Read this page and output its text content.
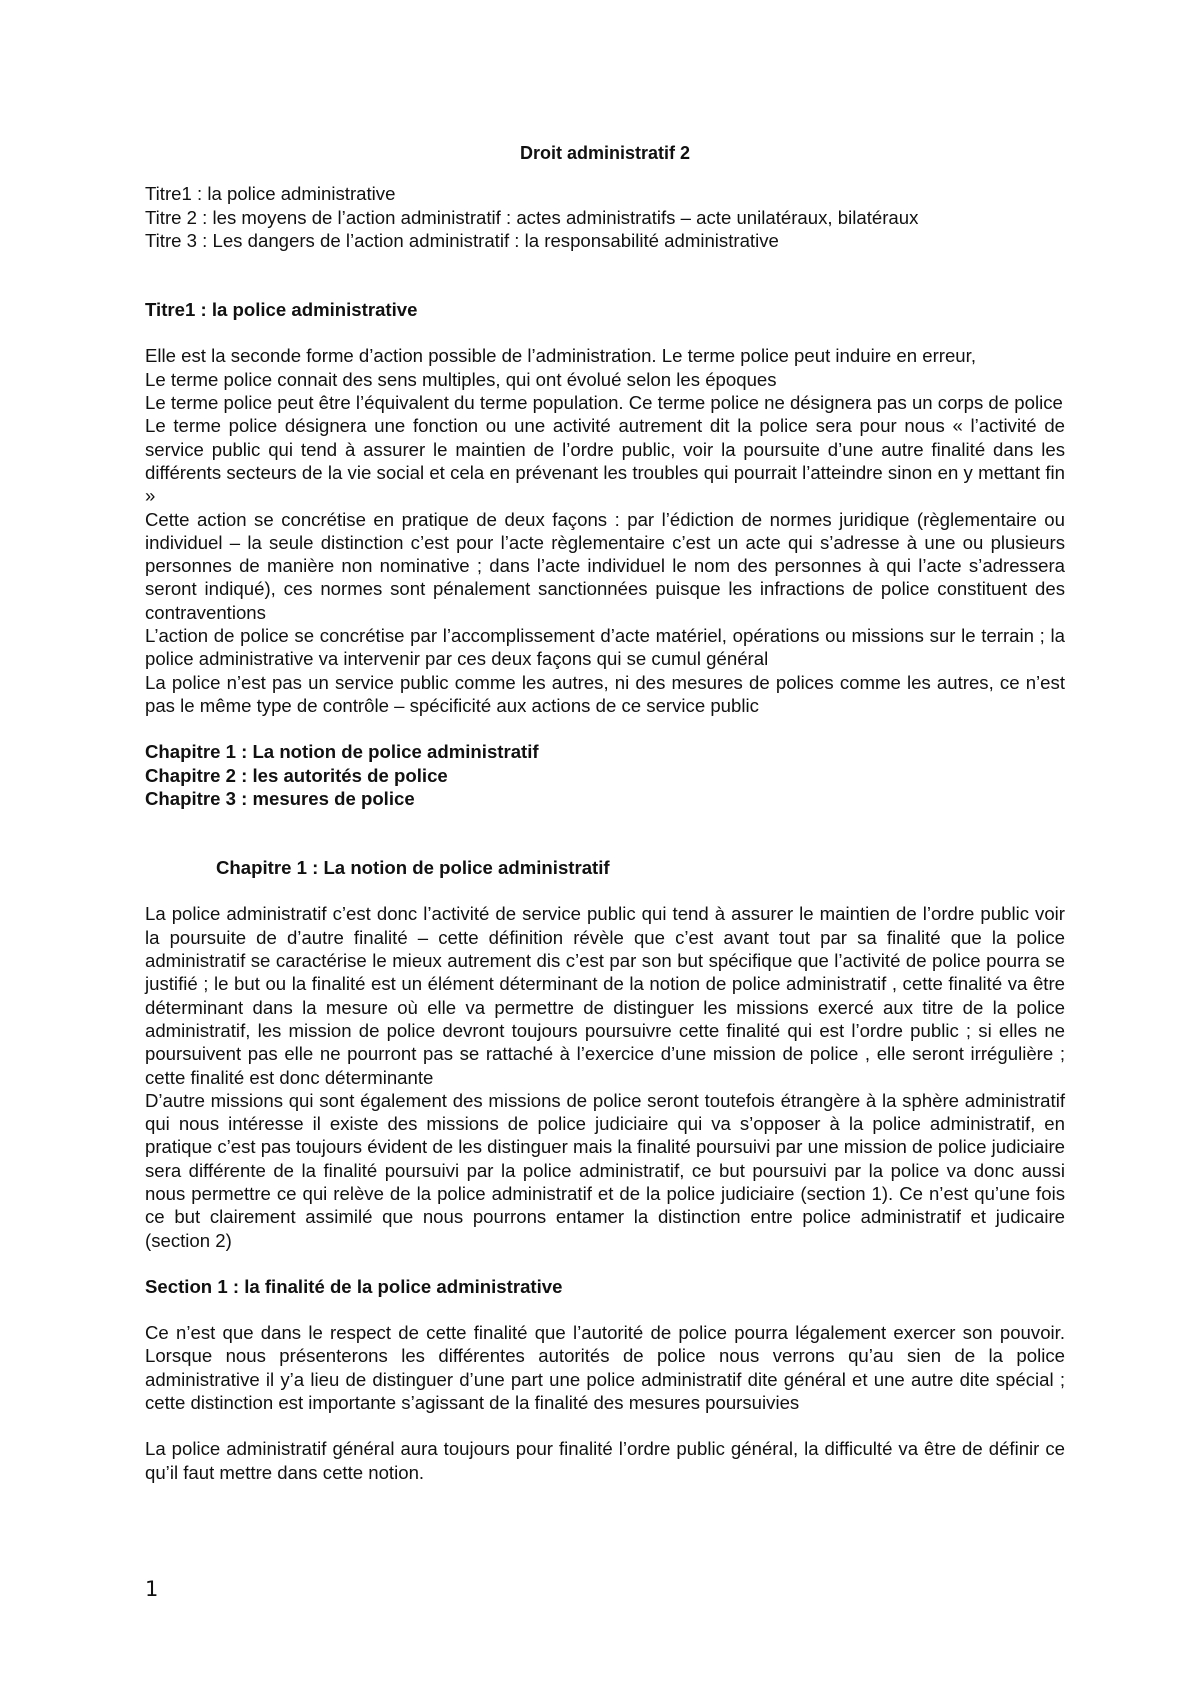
Droit administratif 2

Titre1 : la police administrative

Titre 2 : les moyens de l’action administratif : actes administratifs – acte unilatéraux, bilatéraux

Titre 3 : Les dangers de l’action administratif : la responsabilité administrative

Titre1 : la police administrative

Elle est la seconde forme d’action possible de l’administration. Le terme police peut induire en erreur,

Le terme police connait des sens multiples, qui ont évolué selon les époques

Le terme police peut être l’équivalent du terme population. Ce terme police ne désignera pas un corps de police

Le terme police désignera une fonction ou une activité autrement dit la police sera pour nous « l’activité de service public qui tend à assurer le maintien de l’ordre public, voir la poursuite d’une autre finalité dans les différents secteurs de la vie social et cela en prévenant les troubles qui pourrait l’atteindre sinon en y mettant fin »

Cette action se concrétise en pratique de deux façons : par l’édiction de normes juridique (règlementaire ou individuel – la seule distinction c’est pour l’acte règlementaire c’est un acte qui s’adresse à une ou plusieurs personnes de manière non nominative ; dans l’acte individuel le nom des personnes à qui l’acte s’adressera seront indiqué), ces normes sont pénalement sanctionnées puisque les infractions de police constituent des contraventions

L’action de police se concrétise par l’accomplissement d’acte matériel, opérations ou missions sur le terrain ; la police administrative va intervenir par ces deux façons qui se cumul général

La police n’est pas un service public comme les autres, ni des mesures de polices comme les autres, ce n’est pas le même type de contrôle – spécificité aux actions de ce service public

Chapitre 1 : La notion de police administratif

Chapitre 2 : les autorités de police

Chapitre 3 : mesures de police

Chapitre 1 : La notion de police administratif

La police administratif c’est donc l’activité de service public qui tend à assurer le maintien de l’ordre public voir la poursuite de d’autre finalité – cette définition révèle que c’est avant tout par sa finalité que la police administratif se caractérise le mieux autrement dis c’est par son but spécifique que l’activité de police pourra se justifié ; le but ou la finalité est un élément déterminant de la notion de police administratif , cette finalité va être déterminant dans la mesure où elle va permettre de distinguer les missions exercé aux titre de la police administratif, les mission de police devront toujours poursuivre cette finalité qui est l’ordre public ; si elles ne poursuivent pas elle ne pourront pas se rattaché à l’exercice d’une mission de police , elle seront irrégulière ; cette finalité est donc déterminante

D’autre missions qui sont également des missions de police seront toutefois étrangère à la sphère administratif qui nous intéresse il existe des missions de police judiciaire qui va s’opposer à la police administratif, en pratique c’est pas toujours évident de les distinguer mais la finalité poursuivi par une mission de police judiciaire sera différente de la finalité poursuivi par la police administratif, ce but poursuivi par la police va donc aussi nous permettre ce qui relève de la police administratif et de la police judiciaire (section 1). Ce n’est qu’une fois ce but clairement assimilé que nous pourrons entamer la distinction entre police administratif et judicaire (section 2)

Section 1 : la finalité de la police administrative

Ce n’est que dans le respect de cette finalité que l’autorité de police pourra légalement exercer son pouvoir. Lorsque nous présenterons les différentes autorités de police nous verrons qu’au sien de la police administrative il y’a lieu de distinguer d’une part une police administratif dite général et une autre dite spécial ; cette distinction est importante s’agissant de la finalité des mesures poursuivies

La police administratif général aura toujours pour finalité l’ordre public général, la difficulté va être de définir ce qu’il faut mettre dans cette notion.

1
